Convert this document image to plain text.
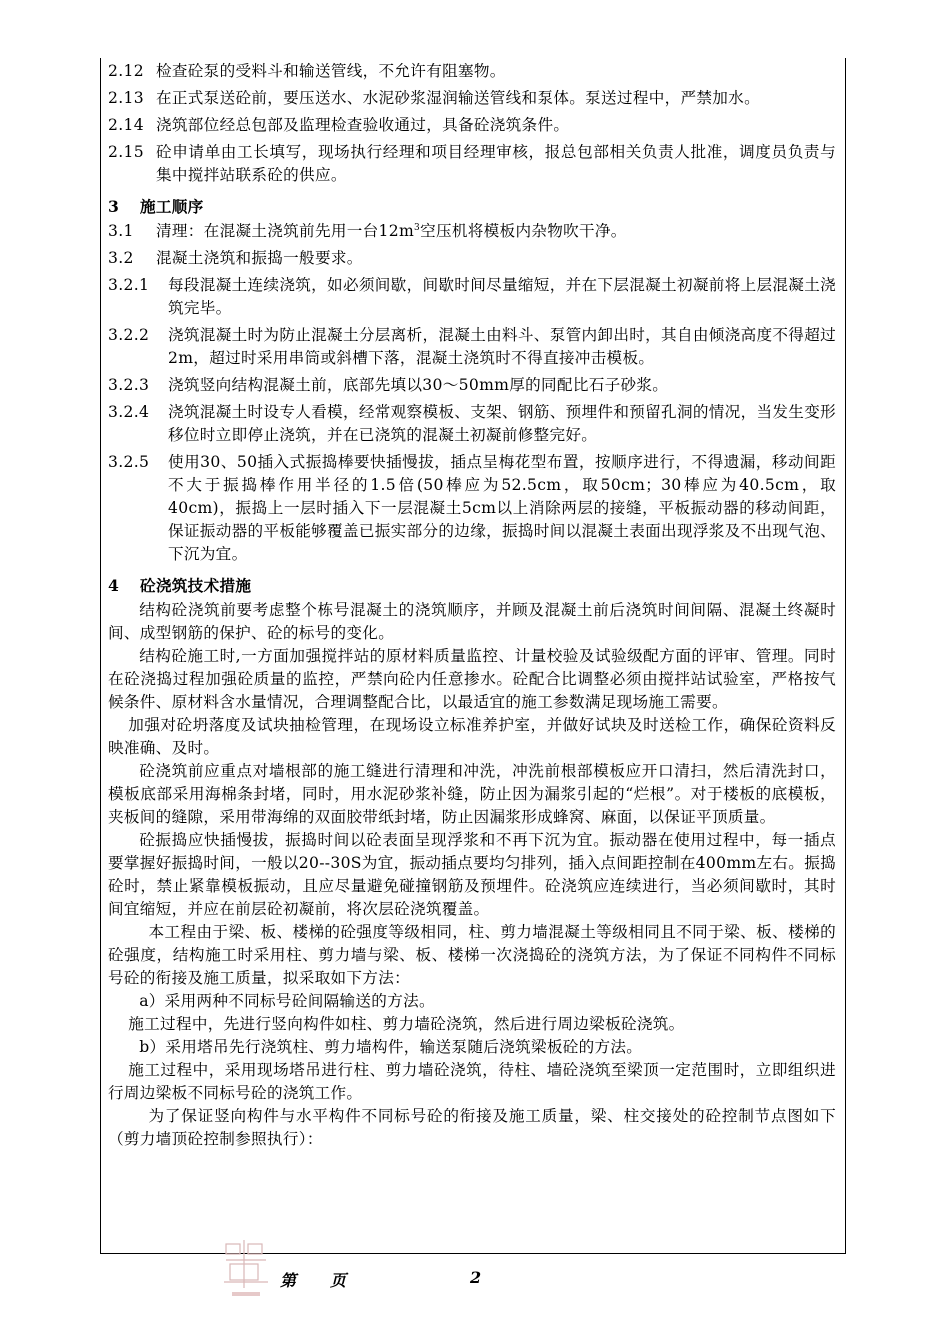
2.12 检查砼泵的受料斗和输送管线，不允许有阻塞物。
2.13 在正式泵送砼前，要压送水、水泥砂浆湿润输送管线和泵体。泵送过程中，严禁加水。
2.14 浇筑部位经总包部及监理检查验收通过，具备砼浇筑条件。
2.15 砼申请单由工长填写，现场执行经理和项目经理审核，报总包部相关负责人批准，调度员负责与集中搅拌站联系砼的供应。
3	施工顺序
3.1	清理：在混凝土浇筑前先用一台$12m^3$空压机将模板内杂物吹干净。
3.2	混凝土浇筑和振捣一般要求。
3.2.1	每段混凝土连续浇筑，如必须间歇，间歇时间尽量缩短，并在下层混凝土初凝前将上层混凝土浇筑完毕。
3.2.2	浇筑混凝土时为防止混凝土分层离析，混凝土由料斗、泵管内卸出时，其自由倾浇高度不得超过2m，超过时采用串筒或斜槽下落，混凝土浇筑时不得直接冲击模板。
3.2.3	浇筑竖向结构混凝土前，底部先填以30～50mm厚的同配比石子砂浆。
3.2.4	浇筑混凝土时设专人看模，经常观察模板、支架、钢筋、预埋件和预留孔洞的情况，当发生变形移位时立即停止浇筑，并在已浇筑的混凝土初凝前修整完好。
3.2.5	使用30、50插入式振捣棒要快插慢拔，插点呈梅花型布置，按顺序进行，不得遗漏，移动间距不大于振捣棒作用半径的1.5倍(50棒应为52.5cm，取50cm；30棒应为40.5cm，取40cm)，振捣上一层时插入下一层混凝土5cm以上消除两层的接缝，平板振动器的移动间距，保证振动器的平板能够覆盖已振实部分的边缘，振捣时间以混凝土表面出现浮浆及不出现气泡、下沉为宜。
4	砼浇筑技术措施

结构砼浇筑前要考虑整个栋号混凝土的浇筑顺序，并顾及混凝土前后浇筑时间间隔、混凝土终凝时间、成型钢筋的保护、砼的标号的变化。

结构砼施工时,一方面加强搅拌站的原材料质量监控、计量校验及试验级配方面的评审、管理。同时在砼浇捣过程加强砼质量的监控，严禁向砼内任意掺水。砼配合比调整必须由搅拌站试验室，严格按气候条件、原材料含水量情况，合理调整配合比，以最适宜的施工参数满足现场施工需要。

加强对砼坍落度及试块抽检管理，在现场设立标准养护室，并做好试块及时送检工作，确保砼资料反映准确、及时。

砼浇筑前应重点对墙根部的施工缝进行清理和冲洗，冲洗前根部模板应开口清扫，然后清洗封口，模板底部采用海棉条封堵，同时，用水泥砂浆补缝，防止因为漏浆引起的“烂根”。对于楼板的底模板，夹板间的缝隙，采用带海绵的双面胶带纸封堵，防止因漏浆形成蜂窝、麻面，以保证平顶质量。

砼振捣应快插慢拔，振捣时间以砼表面呈现浮浆和不再下沉为宜。振动器在使用过程中，每一插点要掌握好振捣时间，一般以20--30S为宜，振动插点要均匀排列，插入点间距控制在400mm左右。振捣砼时，禁止紧靠模板振动，且应尽量避免碰撞钢筋及预埋件。砼浇筑应连续进行，当必须间歇时，其时间宜缩短，并应在前层砼初凝前，将次层砼浇筑覆盖。

本工程由于梁、板、楼梯的砼强度等级相同，柱、剪力墙混凝土等级相同且不同于梁、板、楼梯的砼强度，结构施工时采用柱、剪力墙与梁、板、楼梯一次浇捣砼的浇筑方法，为了保证不同构件不同标号砼的衔接及施工质量，拟采取如下方法：

a）采用两种不同标号砼间隔输送的方法。

施工过程中，先进行竖向构件如柱、剪力墙砼浇筑，然后进行周边梁板砼浇筑。

b）采用塔吊先行浇筑柱、剪力墙构件，输送泵随后浇筑梁板砼的方法。

施工过程中，采用现场塔吊进行柱、剪力墙砼浇筑，待柱、墙砼浇筑至梁顶一定范围时，立即组织进行周边梁板不同标号砼的浇筑工作。

为了保证竖向构件与水平构件不同标号砼的衔接及施工质量，梁、柱交接处的砼控制节点图如下（剪力墙顶砼控制参照执行）：

第 页	2
